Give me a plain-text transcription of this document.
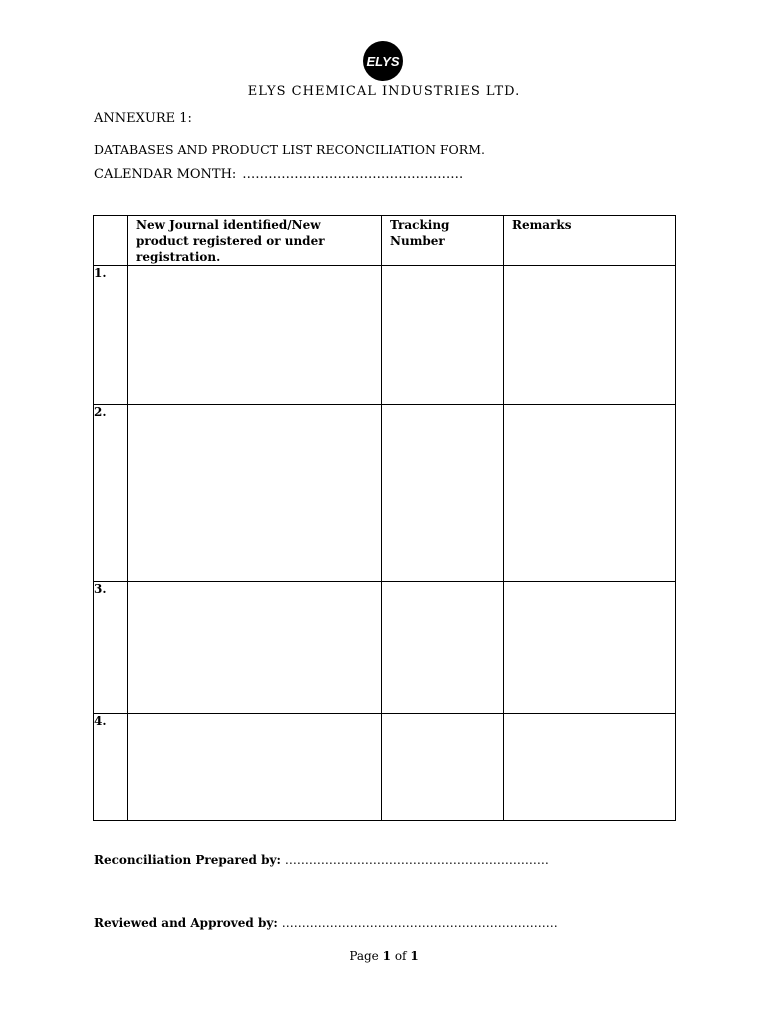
ELYS
ELYS CHEMICAL INDUSTRIES LTD.
ANNEXURE 1:
DATABASES AND PRODUCT LIST RECONCILIATION FORM.
CALENDAR MONTH: ……………………………………………
	New Journal identified/New product registered or under registration.	Tracking Number	Remarks
1.			
2.			
3.			
4.			
Reconciliation Prepared by: …………………………………………………………
Reviewed and Approved by: ……………………………………………………………
Page 1 of 1
